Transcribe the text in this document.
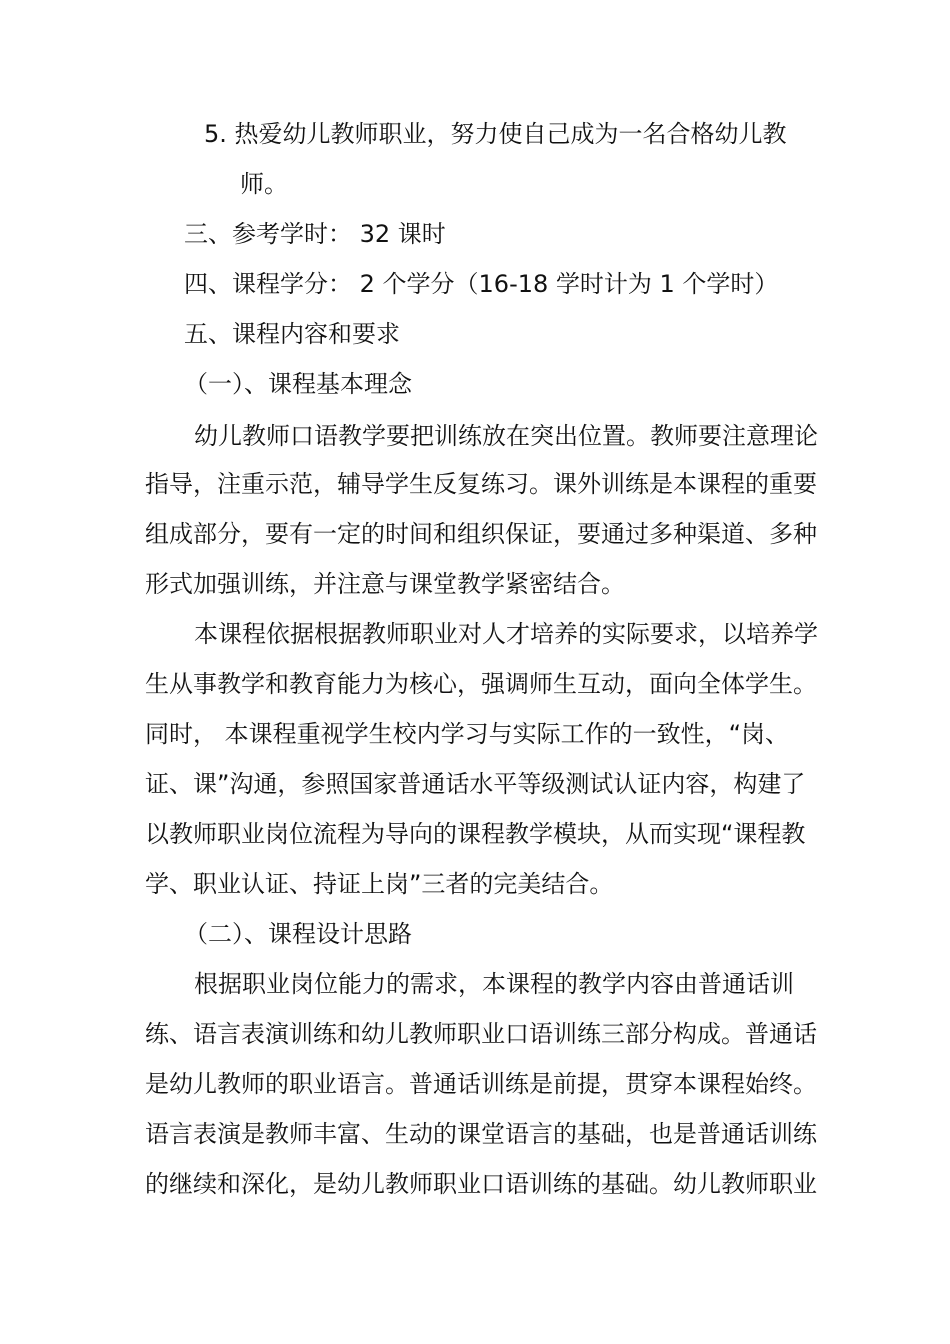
5. 热爱幼儿教师职业，努力使自己成为一名合格幼儿教
师。
三、参考学时： 32 课时
四、课程学分： 2 个学分（16-18 学时计为 1 个学时）
五、课程内容和要求
（一）、课程基本理念
幼儿教师口语教学要把训练放在突出位置。教师要注意理论
指导，注重示范，辅导学生反复练习。课外训练是本课程的重要
组成部分，要有一定的时间和组织保证，要通过多种渠道、多种
形式加强训练，并注意与课堂教学紧密结合。
本课程依据根据教师职业对人才培养的实际要求，以培养学
生从事教学和教育能力为核心，强调师生互动，面向全体学生。
同时， 本课程重视学生校内学习与实际工作的一致性，“岗、
证、课”沟通，参照国家普通话水平等级测试认证内容，构建了
以教师职业岗位流程为导向的课程教学模块，从而实现“课程教
学、职业认证、持证上岗”三者的完美结合。
（二）、课程设计思路
根据职业岗位能力的需求，本课程的教学内容由普通话训
练、语言表演训练和幼儿教师职业口语训练三部分构成。普通话
是幼儿教师的职业语言。普通话训练是前提，贯穿本课程始终。
语言表演是教师丰富、生动的课堂语言的基础，也是普通话训练
的继续和深化，是幼儿教师职业口语训练的基础。幼儿教师职业
